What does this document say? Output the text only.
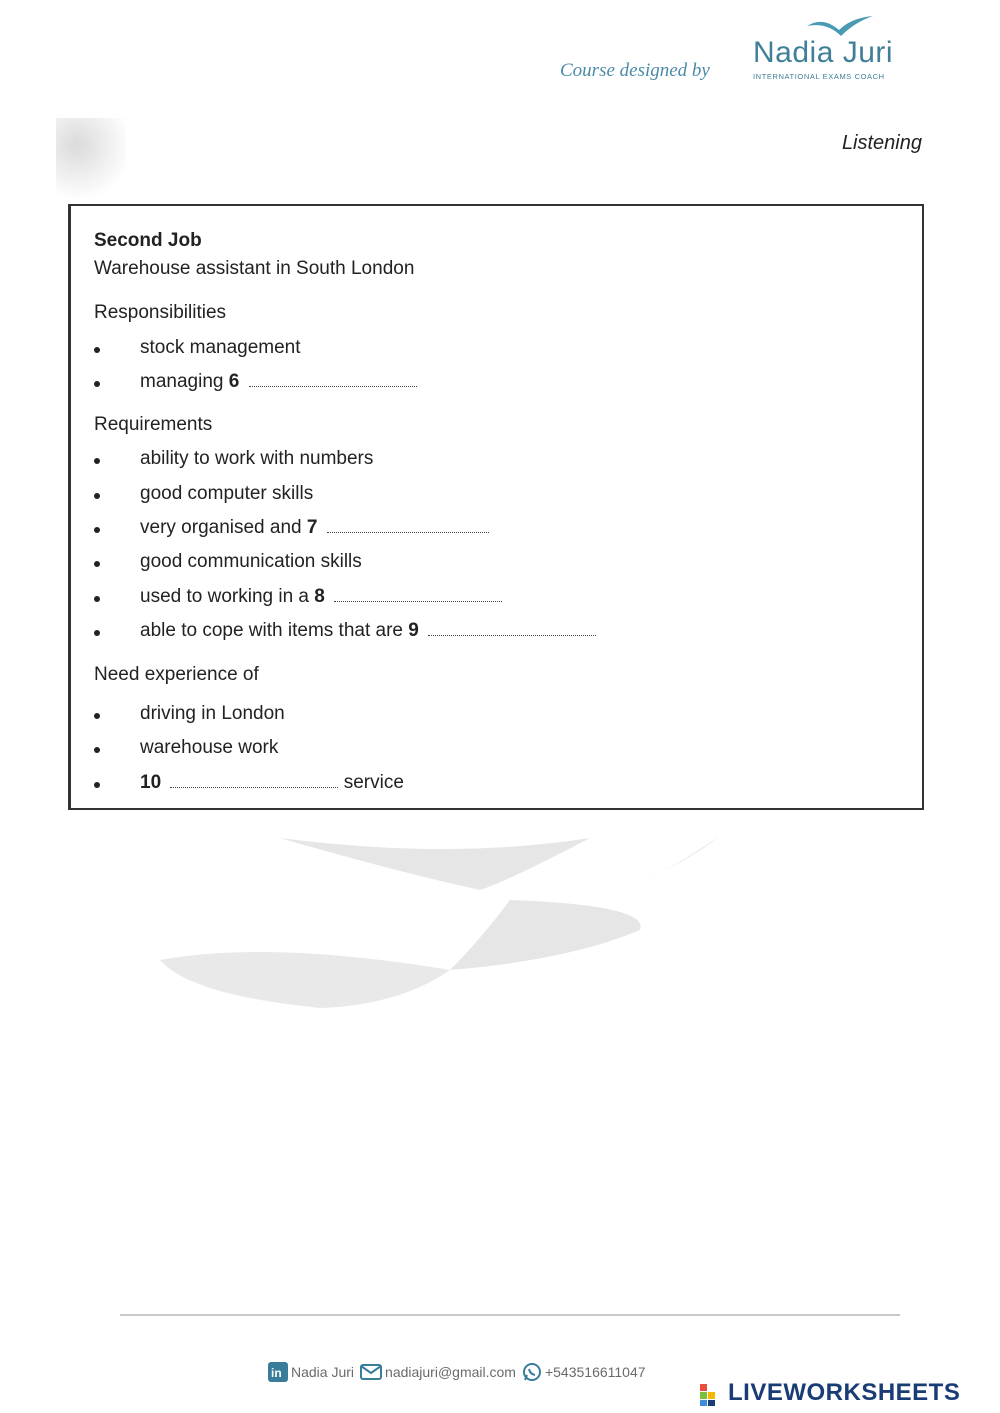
Course designed by
Nadia Juri
INTERNATIONAL EXAMS COACH
Listening
Second Job
Warehouse assistant in South London
Responsibilities
stock management
managing 6
Requirements
ability to work with numbers
good computer skills
very organised and 7
good communication skills
used to working in a 8
able to cope with items that are 9
Need experience of
driving in London
warehouse work
10	service
in Nadia Juri nadiajuri@gmail.com +543516611047
LIVEWORKSHEETS
